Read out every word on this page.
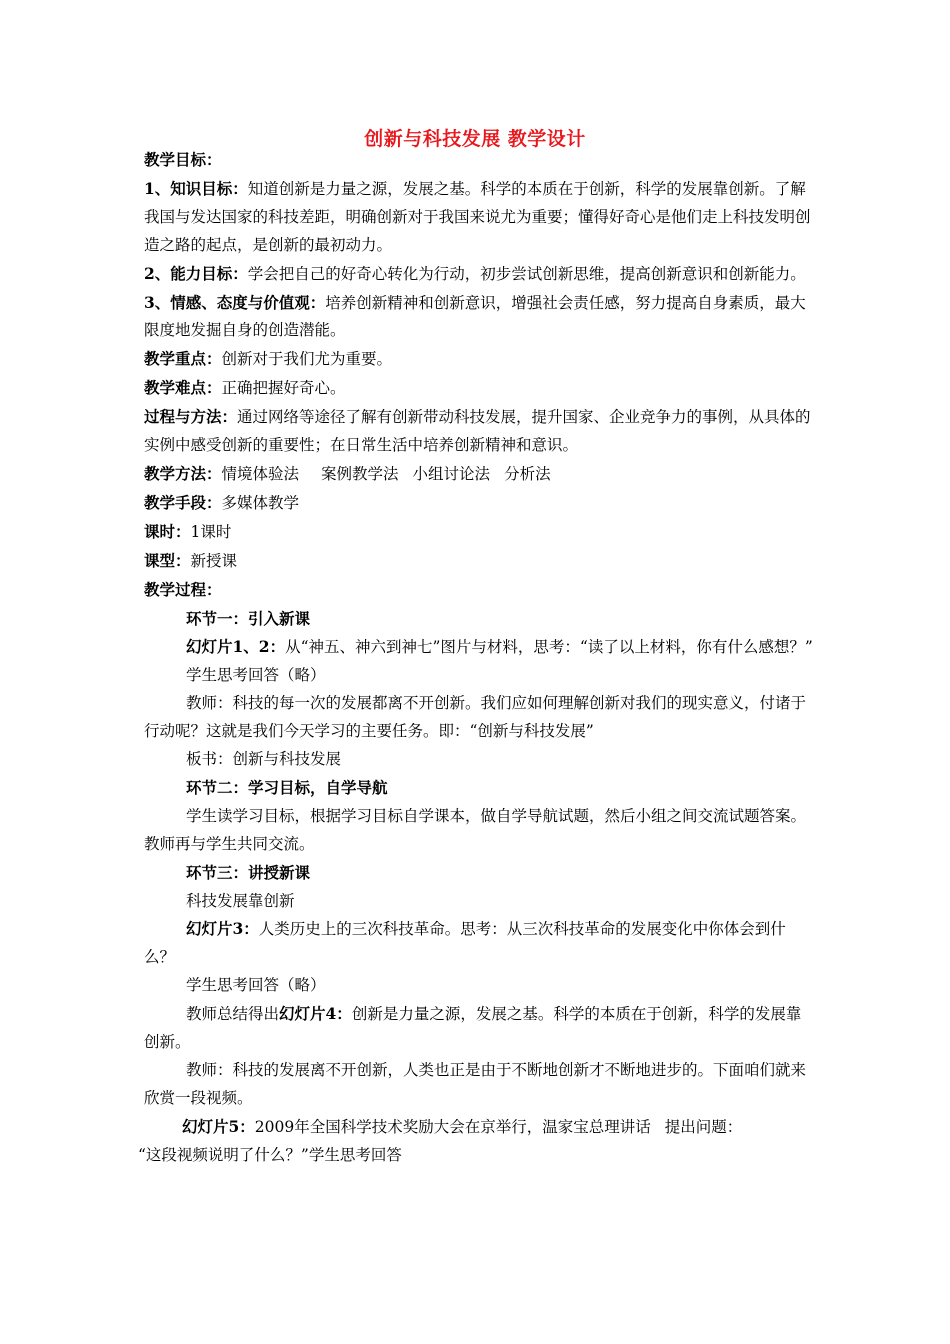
创新与科技发展 教学设计

教学目标：

1、知识目标：知道创新是力量之源，发展之基。科学的本质在于创新，科学的发展靠创新。了解我国与发达国家的科技差距，明确创新对于我国来说尤为重要；懂得好奇心是他们走上科技发明创造之路的起点，是创新的最初动力。

2、能力目标：学会把自己的好奇心转化为行动，初步尝试创新思维，提高创新意识和创新能力。

3、情感、态度与价值观：培养创新精神和创新意识，增强社会责任感，努力提高自身素质，最大限度地发掘自身的创造潜能。

教学重点：创新对于我们尤为重要。

教学难点：正确把握好奇心。

过程与方法：通过网络等途径了解有创新带动科技发展，提升国家、企业竞争力的事例，从具体的实例中感受创新的重要性；在日常生活中培养创新精神和意识。

教学方法：情境体验法 案例教学法 小组讨论法 分析法

教学手段：多媒体教学

课时：1课时

课型：新授课

教学过程：

环节一：引入新课

幻灯片1、2：从“神五、神六到神七”图片与材料，思考：“读了以上材料，你有什么感想？”

学生思考回答（略）

教师：科技的每一次的发展都离不开创新。我们应如何理解创新对我们的现实意义，付诸于行动呢？这就是我们今天学习的主要任务。即：“创新与科技发展”

板书：创新与科技发展

环节二：学习目标，自学导航

学生读学习目标，根据学习目标自学课本，做自学导航试题，然后小组之间交流试题答案。教师再与学生共同交流。

环节三：讲授新课

科技发展靠创新

幻灯片3：人类历史上的三次科技革命。思考：从三次科技革命的发展变化中你体会到什么？

学生思考回答（略）

教师总结得出幻灯片4：创新是力量之源，发展之基。科学的本质在于创新，科学的发展靠创新。

教师：科技的发展离不开创新，人类也正是由于不断地创新才不断地进步的。下面咱们就来欣赏一段视频。

幻灯片5：2009年全国科学技术奖励大会在京举行，温家宝总理讲话 提出问题：

“这段视频说明了什么？”学生思考回答
